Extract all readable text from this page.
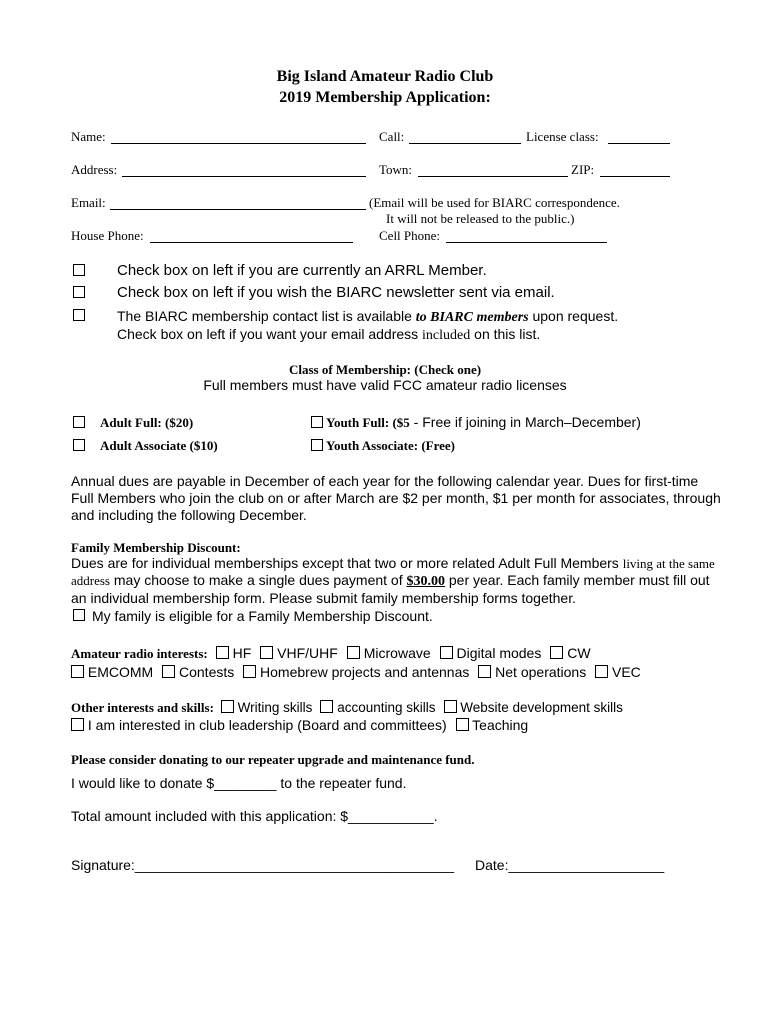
Big Island Amateur Radio Club
2019 Membership Application:
Name:	Call:	License class:
Address:	Town:	ZIP:
Email:	(Email will be used for BIARC correspondence.
It will not be released to the public.)
House Phone:	Cell Phone:
Check box on left if you are currently an ARRL Member.
Check box on left if you wish the BIARC newsletter sent via email.
The BIARC membership contact list is available to BIARC members upon request.
Check box on left if you want your email address included on this list.
Class of Membership: (Check one)
Full members must have valid FCC amateur radio licenses
Adult Full: ($20)
Adult Associate ($10)
Youth Full: ($5 - Free if joining in March–December)
Youth Associate: (Free)
Annual dues are payable in December of each year for the following calendar year. Dues for first-time Full Members who join the club on or after March are $2 per month, $1 per month for associates, through and including the following December.
Family Membership Discount:
Dues are for individual memberships except that two or more related Adult Full Members living at the same address may choose to make a single dues payment of $30.00 per year. Each family member must fill out an individual membership form. Please submit family membership forms together.
My family is eligible for a Family Membership Discount.
Amateur radio interests: HF VHF/UHF Microwave Digital modes CW
EMCOMM Contests Homebrew projects and antennas Net operations VEC
Other interests and skills: Writing skills accounting skills Website development skills
I am interested in club leadership (Board and committees) Teaching
Please consider donating to our repeater upgrade and maintenance fund.
I would like to donate $________ to the repeater fund.
Total amount included with this application: $___________.
Signature:_________________________________________ Date:____________________
